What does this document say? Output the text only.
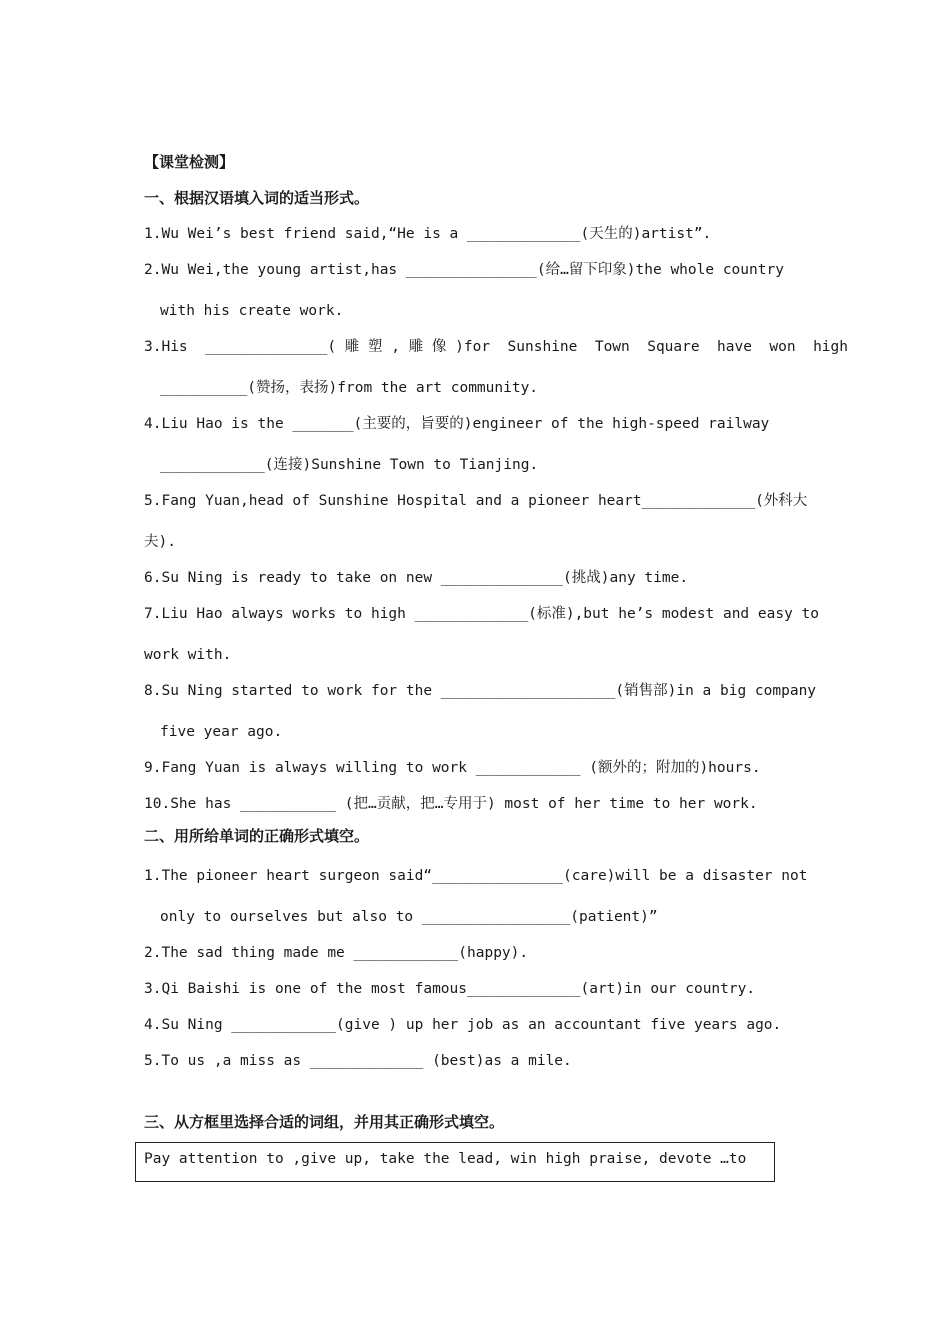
【课堂检测】
一、根据汉语填入词的适当形式。
1.Wu Wei’s best friend said,“He is a _____________(天生的)artist”.
2.Wu Wei,the young artist,has _______________(给…留下印象)the whole country
with his create work.
3.His  ______________( 雕 塑 , 雕 像 )for  Sunshine  Town  Square  have  won  high
__________(赞扬，表扬)from the art community.
4.Liu Hao is the _______(主要的，旨要的)engineer of the high-speed railway
____________(连接)Sunshine Town to Tianjing.
5.Fang Yuan,head of Sunshine Hospital and a pioneer heart_____________(外科大
夫).
6.Su Ning is ready to take on new ______________(挑战)any time.
7.Liu Hao always works to high _____________(标准),but he’s modest and easy to
work with.
8.Su Ning started to work for the ____________________(销售部)in a big company
five year ago.
9.Fang Yuan is always willing to work ____________ (额外的；附加的)hours.
10.She has ___________ (把…贡献，把…专用于) most of her time to her work.
二、用所给单词的正确形式填空。
1.The pioneer heart surgeon said“_______________(care)will be a disaster not
only to ourselves but also to _________________(patient)”
2.The sad thing made me ____________(happy).
3.Qi Baishi is one of the most famous_____________(art)in our country.
4.Su Ning ____________(give ) up her job as an accountant five years ago.
5.To us ,a miss as _____________ (best)as a mile.
三、从方框里选择合适的词组，并用其正确形式填空。
Pay attention to ,give up, take the lead, win high praise, devote …to
